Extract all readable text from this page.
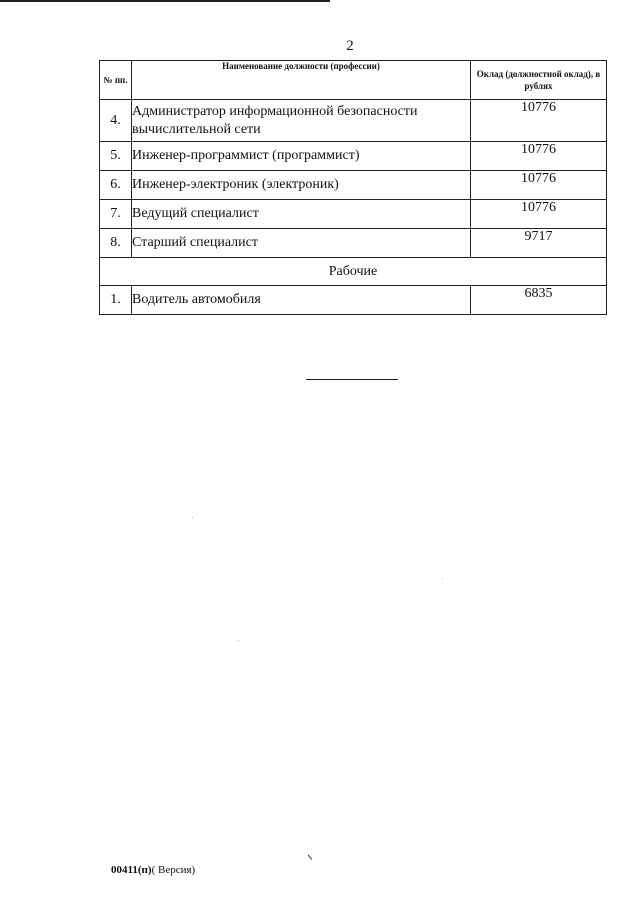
2
№ пп.	Наименование должности (профессии)	Оклад (должностной оклад), в рублях
4.	Администратор информационной безопасности вычислительной сети	10776
5.	Инженер-программист (программист)	10776
6.	Инженер-электроник (электроник)	10776
7.	Ведущий специалист	10776
8.	Старший специалист	9717
Рабочие		
1.	Водитель автомобиля	6835
00411(п)( Версия)
